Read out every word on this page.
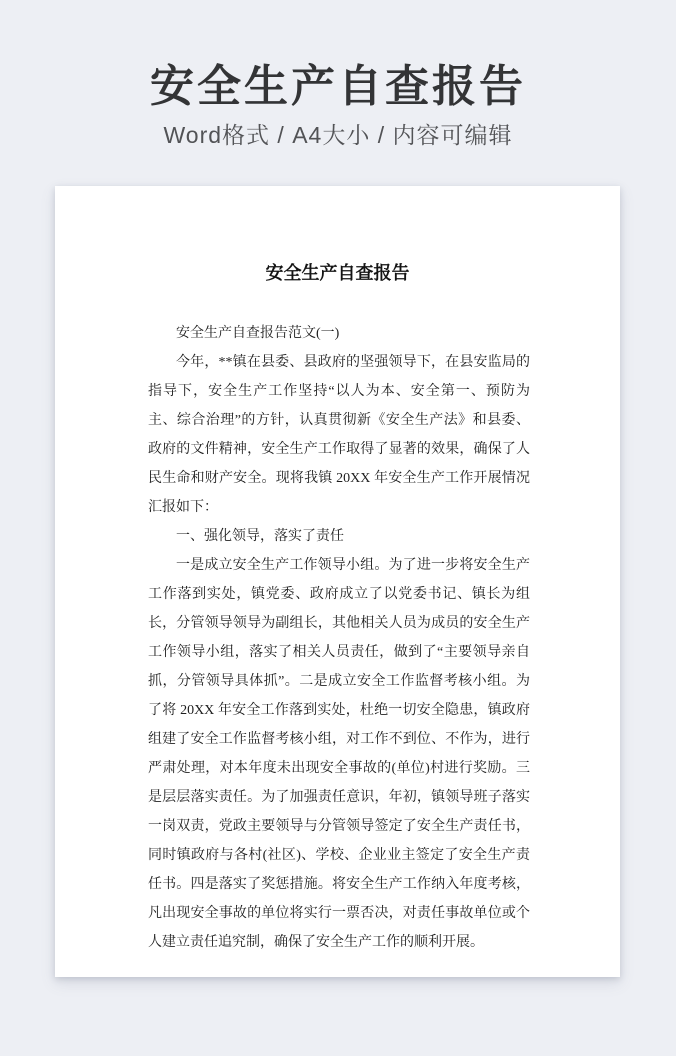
安全生产自查报告
Word格式 / A4大小 / 内容可编辑
安全生产自查报告

安全生产自查报告范文(一)

今年，**镇在县委、县政府的坚强领导下，在县安监局的指导下，安全生产工作坚持“以人为本、安全第一、预防为主、综合治理”的方针，认真贯彻新《安全生产法》和县委、政府的文件精神，安全生产工作取得了显著的效果，确保了人民生命和财产安全。现将我镇 20XX 年安全生产工作开展情况汇报如下：

一、强化领导，落实了责任

一是成立安全生产工作领导小组。为了进一步将安全生产工作落到实处，镇党委、政府成立了以党委书记、镇长为组长，分管领导领导为副组长，其他相关人员为成员的安全生产工作领导小组，落实了相关人员责任，做到了“主要领导亲自抓，分管领导具体抓”。二是成立安全工作监督考核小组。为了将 20XX 年安全工作落到实处，杜绝一切安全隐患，镇政府组建了安全工作监督考核小组，对工作不到位、不作为，进行严肃处理，对本年度未出现安全事故的(单位)村进行奖励。三是层层落实责任。为了加强责任意识，年初，镇领导班子落实一岗双责，党政主要领导与分管领导签定了安全生产责任书，同时镇政府与各村(社区)、学校、企业业主签定了安全生产责任书。四是落实了奖惩措施。将安全生产工作纳入年度考核，凡出现安全事故的单位将实行一票否决，对责任事故单位或个人建立责任追究制，确保了安全生产工作的顺利开展。
